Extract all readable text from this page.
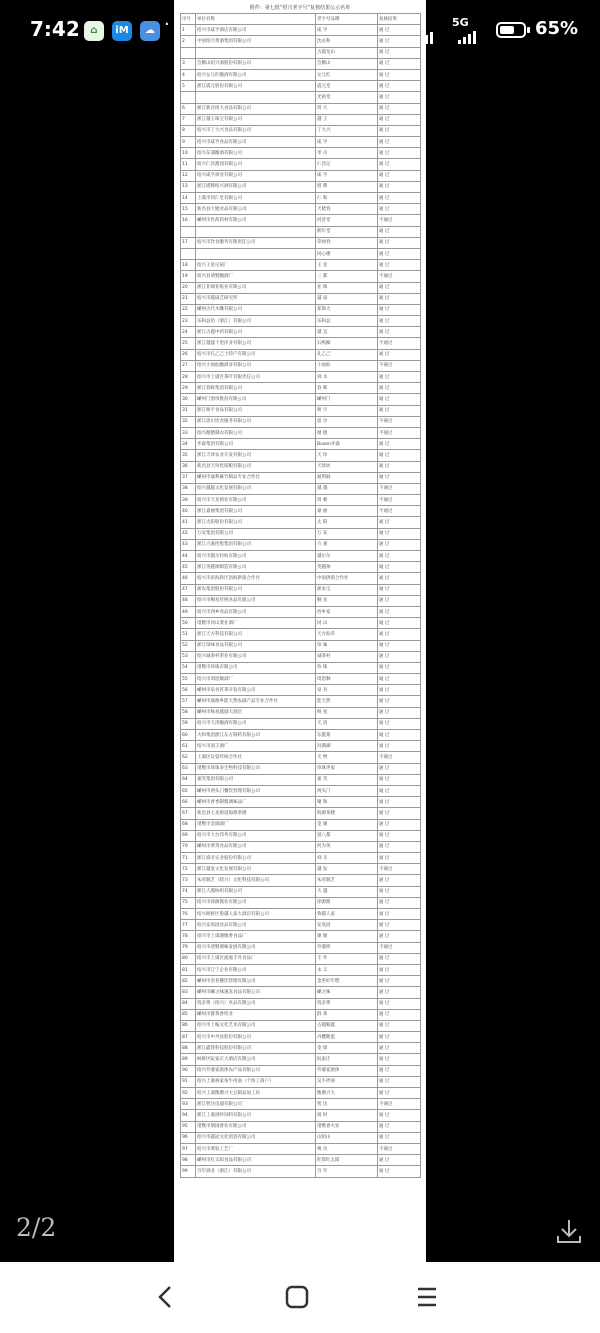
7:42	⌂	iM	☁ ·	5G	65%
附件：第七批“绍兴老字号”复核结果公示名单
序号	单位名称	老字号品牌	复核结果
1	绍兴市咸亨酒店有限公司	咸 亨	通 过
2	中国绍兴黄酒集团有限公司	沈永和	通 过
		古越龙山	通 过
3	会稽山绍兴酒股份有限公司	会稽山	通 过
4	绍兴女儿红酿酒有限公司	女儿红	通 过
5	浙江震元股份有限公司	震元堂	通 过
		光裕堂	通 过
6	浙江新昌周大食品有限公司	周 大	通 过
7	浙江越王珠宝有限公司	越 王	通 过
8	绍兴市丁大兴食品有限公司	丁大兴	通 过
9	绍兴市咸亨食品有限公司	咸 亨	通 过
10	绍兴东浦酿酒有限公司	孝 贞	通 过
11	绍兴仁昌酱园有限公司	仁昌记	通 过
12	绍兴咸亨酒业有限公司	咸 亨	通 过
13	浙江塔牌绍兴酒有限公司	塔 牌	通 过
14	上虞市同仁堂有限公司	仁 和	通 过
15	新昌县天姥食品有限公司	天姥春	通 过
16	嵊州市医药药材有限公司	同济堂	不通过
		鹤年堂	通 过
17	绍兴市饮食服务有限责任公司	荣禄春	通 过
		同心楼	通 过
18	绍兴王星记扇厂	王 星	通 过
19	绍兴县诸暨酿酒厂	三 都	不通过
20	浙江亚细亚纸业有限公司	亚 细	通 过
21	绍兴市越扇艺研究所	越 扇	通 过
22	嵊州古代木雕有限公司	郑郎大	通 过
23	乐和益佰（浙江）有限公司	乐和益	通 过
24	浙江古越中药有限公司	越 宜	通 过
25	浙江越盛十里洋业有限公司	石鸭蹄	不通过
26	绍兴市孔乙己土特产有限公司	孔乙己	通 过
27	绍兴小仙仙酿酒业有限公司	小仙仙	不通过
28	绍兴市上虞区茶叶有限责任公司	舜 水	通 过
29	浙江春晖集团有限公司	春 晖	通 过
30	嵊州门窗帘股份有限公司	嵊州门	通 过
31	浙江师宇食品有限公司	师 宇	通 过
32	浙江思尔饮食服务有限公司	思 尔	不通过
33	绍兴循德制衣有限公司	循 德	不通过
34	步森集团有限公司	Busen步森	通 过
35	浙江天珍农业开发有限公司	天 珍	通 过
36	新昌县天珍优质粮有限公司	天珍坊	通 过
37	嵊州市通利麻竹制品专业合作社	通利麻	通 过
38	绍兴越越文化发展有限公司	越 越	不通过
39	绍兴市天龙锁业有限公司	周 朝	不通过
40	浙江嘉丽集团有限公司	嘉 丽	不通过
41	浙江太阳股份有限公司	太 阳	通 过
42	万安集团有限公司	万 安	通 过
43	浙江力嘉控股集团有限公司	力 嘉	通 过
44	绍兴市越尔轻纺有限公司	越尔尔	通 过
45	浙江英越帅制造有限公司	英越帅	通 过
46	绍兴市滨海新区沥海供销合作社	中国供销合作社	通 过
47	浙农集团股份有限公司	浙农宝	通 过
48	绍兴市桐星传统食品有限公司	桐 星	通 过
49	绍兴市西乡食品有限公司	西乡家	通 过
50	诸暨市同山菜业酒厂	同 山	通 过
51	浙江天方科技有限公司	天方仙草	通 过
52	浙江珍味食品有限公司	珍 味	通 过
53	绍兴诚茶村茶业有限公司	诚茶村	通 过
54	诸暨市珍珠有限公司	珍 珠	通 过
55	绍兴市周恩顺酒厂	周恩顺	通 过
56	嵊州市泉谷茗茶开发有限公司	泉 谷	通 过
57	嵊州市通源乡能天然农副产品专业合作社	能天然	通 过
58	嵊州市杨星越剧大酒店	杨 星	通 过
59	绍兴市天清酿酒有限公司	天 清	通 过
60	大和集团浙江东方制药有限公司	东挺蒙	通 过
61	绍兴市国王酒厂	况满湖	通 过
62	上虞区玩耍传统合作社	天 物	不通过
63	诸暨市珍珠多生物科技有限公司	珍珠世家	通 过
64	嘉笑集团有限公司	嘉 笑	通 过
65	嵊州市两头门餐饮管理有限公司	两头门	通 过
66	嵊州市香香制酱调味品厂	聚 和	通 过
67	新昌县七星街道海源茶楼	海源茶楼	通 过
68	诸暨市金湖酒厂	金 湖	通 过
69	绍兴市大台印务有限公司	道八都	通 过
70	嵊州市黄英食品有限公司	何为英	通 过
71	浙江舜圣实业股份有限公司	舜 圣	通 过
72	浙江越发文化发展有限公司	越 发	不通过
73	朱府铜艺（绍兴）文化科技有限公司	朱府铜艺	通 过
74	浙江大越纺织有限公司	大 越	通 过
75	绍兴市徐源酱业有限公司	徐源酱	通 过
76	绍兴柯桥区鲁越人家大酒店有限公司	鲁越人家	通 过
77	绍兴安高园食品有限公司	安高园	通 过
78	绍兴市上虞谢塘香食品厂	谢 塘	通 过
79	绍兴市诸暨调味发展有限公司	外婆桥	不通过
80	绍兴市上虞区流通丰外食品厂	丰 外	通 过
81	绍兴市江宁企业有限公司	永 义	通 过
82	嵊州市金苔餐饮管理有限公司	金苔好年糕	通 过
83	嵊州市嵊之味速冻食品有限公司	嵊之味	通 过
84	绕亲黄（绍兴）食品有限公司	绕亲黄	通 过
85	嵊州市群茶香铁业	群 茶	通 过
86	绍兴市上编文化艺术有限公司	古越鲸鑫	通 过
87	绍兴市中丹县股份有限公司	丹樱鹅蛋	通 过
88	浙江鑫锋科技股份有限公司	金 锋	通 过
89	柯桥区阮家庄大酒店有限公司	阮家庄	通 过
90	绍兴外婆家族体农产品有限公司	外婆家族体	通 过
91	绍兴上虞祝家角牛肉面（个体工商户）	吴牛拌面	通 过
92	绍兴上虞衡塘兴大豆制品加工坊	衡塘兴大	通 过
93	浙江智达电器有限公司	智 达	不通过
94	浙江上虞扬时饲料有限公司	扬 时	通 过
95	诸暨市朗国香业有限公司	诸暨香火处	通 过
96	绍兴市越冠文化创意有限公司	山阴山	通 过
97	绍兴市黄软工艺厂	镈 功	不通过
98	嵊州市红太阳食品有限公司	旺郎红太阳	通 过
99	百年酒业（浙江）有限公司	百 年	通 过
2/2
